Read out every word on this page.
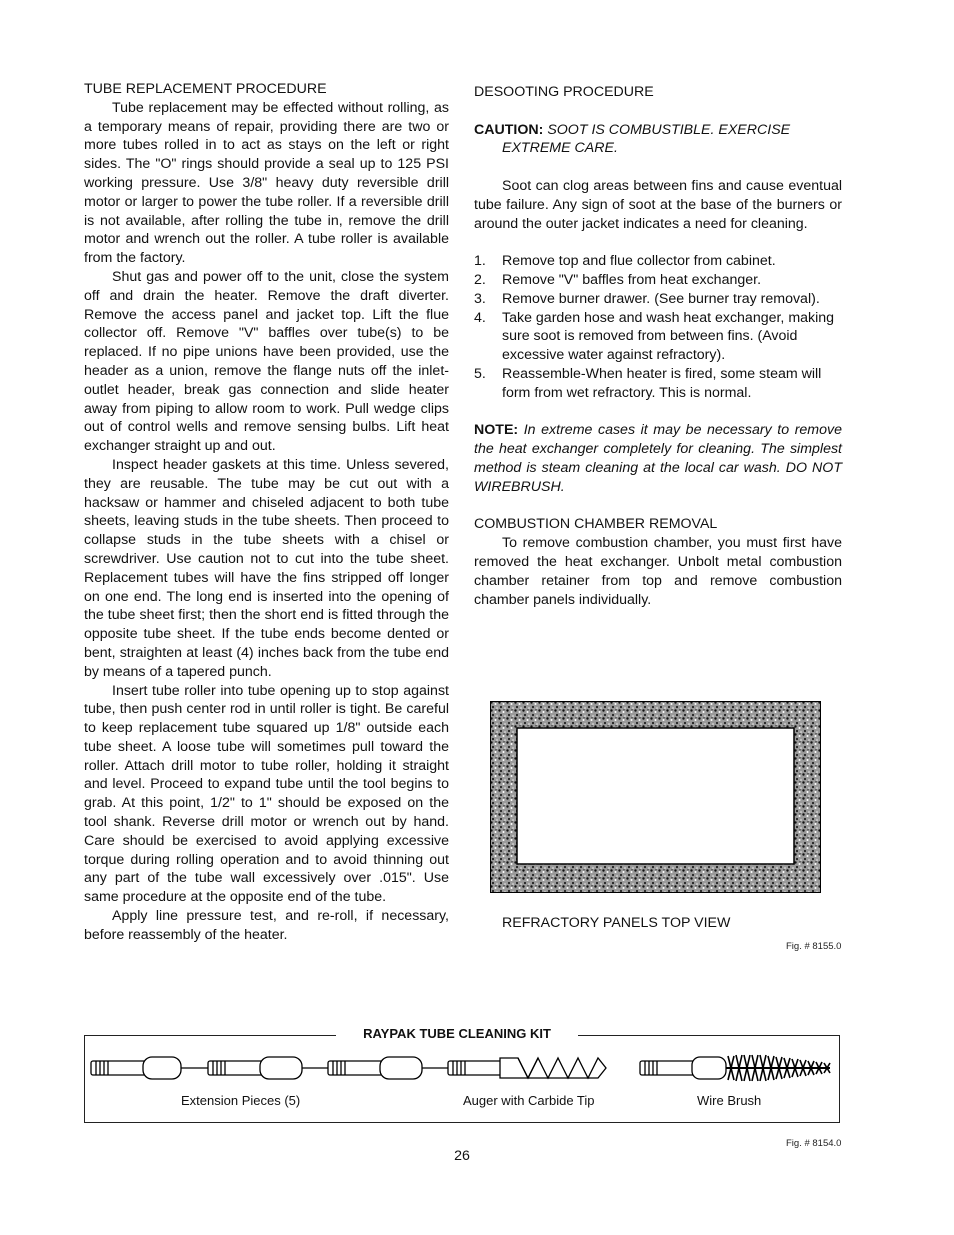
TUBE REPLACEMENT PROCEDURE

Tube replacement may be effected without rolling, as a temporary means of repair, providing there are two or more tubes rolled in to act as stays on the left or right sides. The "O" rings should provide a seal up to 125 PSI working pressure. Use 3/8" heavy duty reversible drill motor or larger to power the tube roller. If a reversible drill is not available, after rolling the tube in, remove the drill motor and wrench out the roller. A tube roller is available from the factory.

Shut gas and power off to the unit, close the system off and drain the heater. Remove the draft diverter. Remove the access panel and jacket top. Lift the flue collector off. Remove "V" baffles over tube(s) to be replaced. If no pipe unions have been provided, use the header as a union, remove the flange nuts off the inlet-outlet header, break gas connection and slide heater away from piping to allow room to work. Pull wedge clips out of control wells and remove sensing bulbs. Lift heat exchanger straight up and out.

Inspect header gaskets at this time. Unless severed, they are reusable. The tube may be cut out with a hacksaw or hammer and chiseled adjacent to both tube sheets, leaving studs in the tube sheets. Then proceed to collapse studs in the tube sheets with a chisel or screwdriver. Use caution not to cut into the tube sheet. Replacement tubes will have the fins stripped off longer on one end. The long end is inserted into the opening of the tube sheet first; then the short end is fitted through the opposite tube sheet. If the tube ends become dented or bent, straighten at least (4) inches back from the tube end by means of a tapered punch.

Insert tube roller into tube opening up to stop against tube, then push center rod in until roller is tight. Be careful to keep replacement tube squared up 1/8" outside each tube sheet. A loose tube will sometimes pull toward the roller. Attach drill motor to tube roller, holding it straight and level. Proceed to expand tube until the tool begins to grab. At this point, 1/2" to 1" should be exposed on the tool shank. Reverse drill motor or wrench out by hand. Care should be exercised to avoid applying excessive torque during rolling operation and to avoid thinning out any part of the tube wall excessively over .015". Use same procedure at the opposite end of the tube.

Apply line pressure test, and re-roll, if necessary, before reassembly of the heater.

DESOOTING PROCEDURE

CAUTION: SOOT IS COMBUSTIBLE. EXERCISE EXTREME CARE.

Soot can clog areas between fins and cause eventual tube failure. Any sign of soot at the base of the burners or around the outer jacket indicates a need for cleaning.

1. Remove top and flue collector from cabinet.
2. Remove "V" baffles from heat exchanger.
3. Remove burner drawer. (See burner tray removal).
4. Take garden hose and wash heat exchanger, making sure soot is removed from between fins. (Avoid excessive water against refractory).
5. Reassemble-When heater is fired, some steam will form from wet refractory. This is normal.

NOTE: In extreme cases it may be necessary to remove the heat exchanger completely for cleaning. The simplest method is steam cleaning at the local car wash. DO NOT WIREBRUSH.

COMBUSTION CHAMBER REMOVAL

To remove combustion chamber, you must first have removed the heat exchanger. Unbolt metal combustion chamber retainer from top and remove combustion chamber panels individually.

REFRACTORY PANELS TOP VIEW
Fig. # 8155.0
RAYPAK TUBE CLEANING KIT
Extension Pieces (5)	Auger with Carbide Tip	Wire Brush
Fig. # 8154.0
26
